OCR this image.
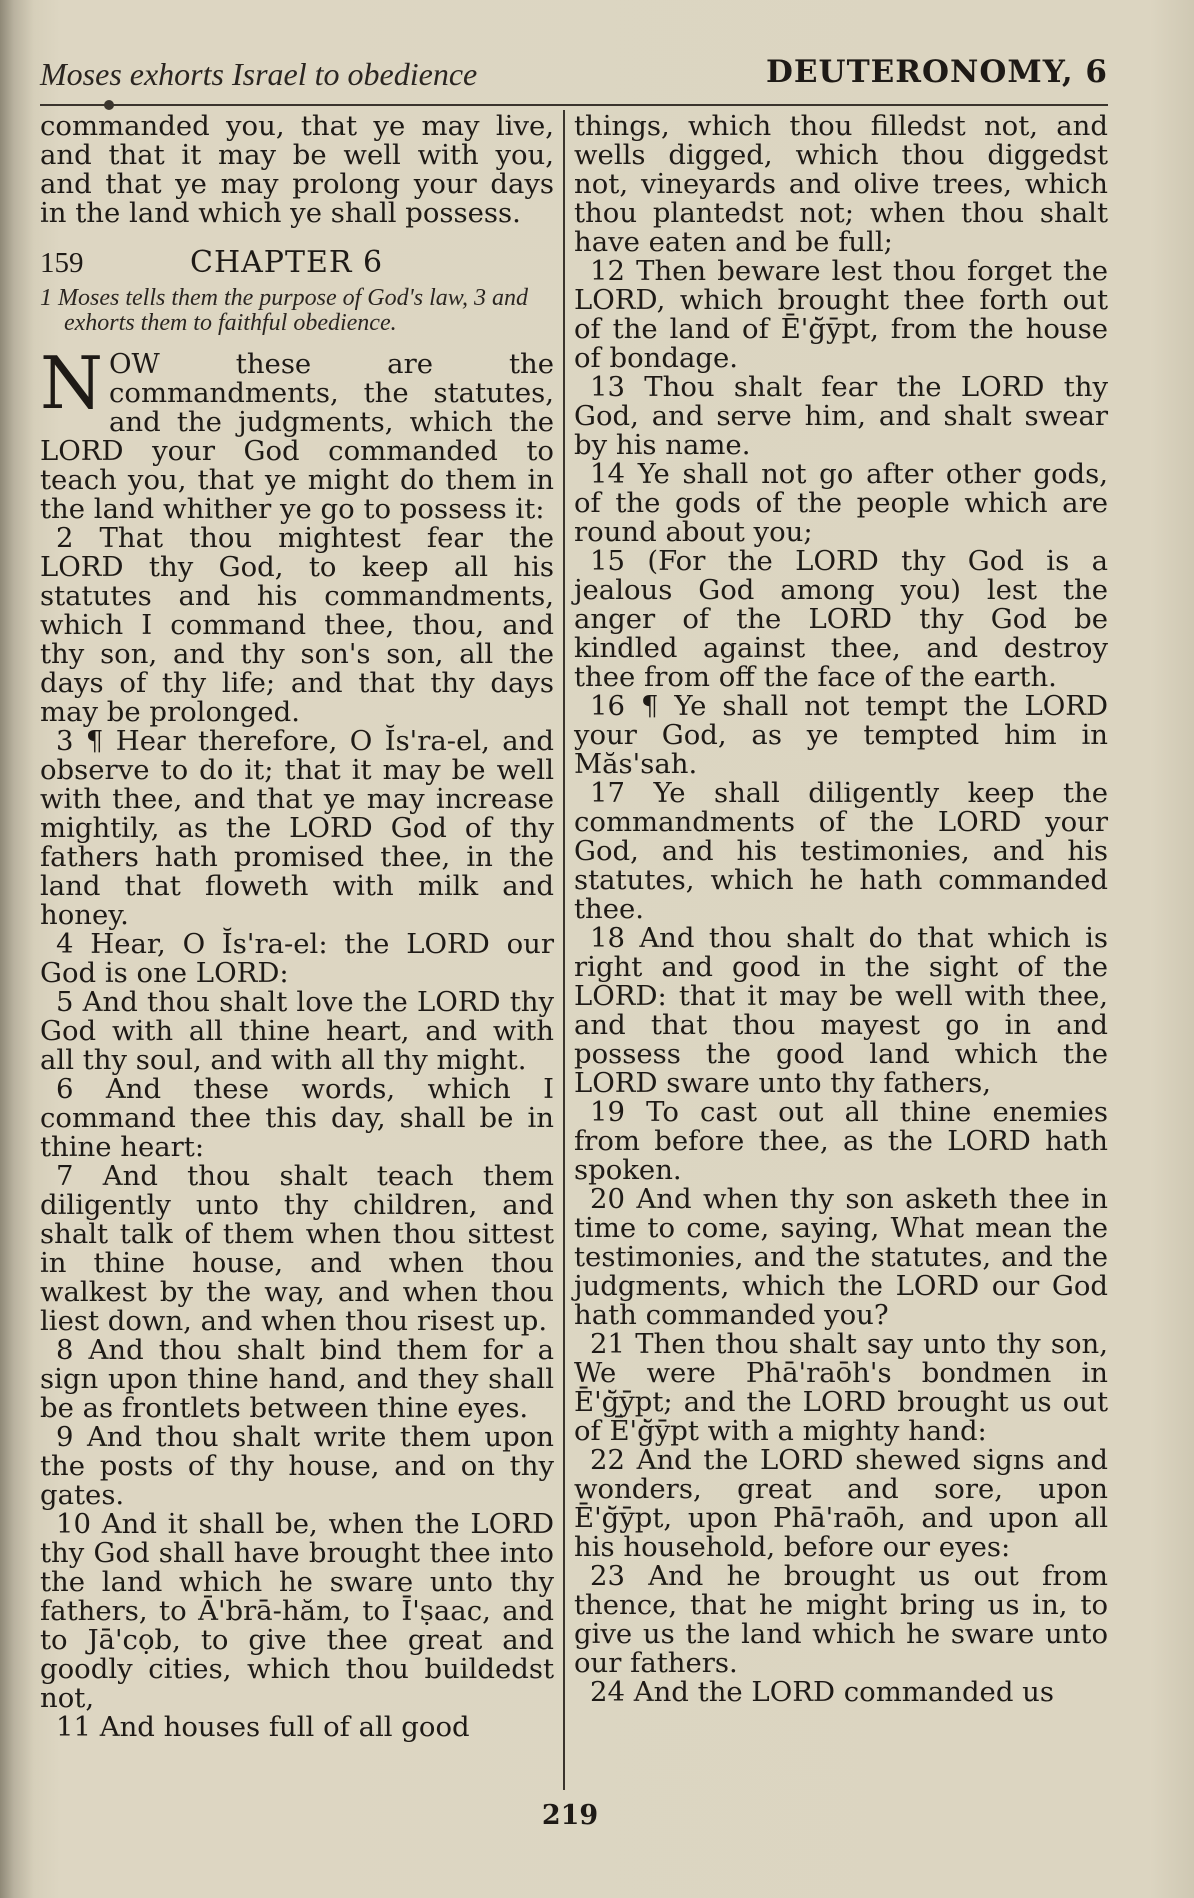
Moses exhorts Israel to obedience	DEUTERONOMY, 6

commanded you, that ye may live, and that it may be well with you, and that ye may prolong your days in the land which ye shall possess.

159	CHAPTER 6
1 Moses tells them the purpose of God's law, 3 and exhorts them to faithful obedience.

NOW these are the commandments, the statutes, and the judgments, which the LORD your God commanded to teach you, that ye might do them in the land whither ye go to possess it:

2 That thou mightest fear the LORD thy God, to keep all his statutes and his commandments, which I command thee, thou, and thy son, and thy son's son, all the days of thy life; and that thy days may be prolonged.

3 ¶ Hear therefore, O Ĭs'ra-el, and observe to do it; that it may be well with thee, and that ye may increase mightily, as the LORD God of thy fathers hath promised thee, in the land that floweth with milk and honey.

4 Hear, O Ĭs'ra-el: the LORD our God is one LORD:

5 And thou shalt love the LORD thy God with all thine heart, and with all thy soul, and with all thy might.

6 And these words, which I command thee this day, shall be in thine heart:

7 And thou shalt teach them diligently unto thy children, and shalt talk of them when thou sittest in thine house, and when thou walkest by the way, and when thou liest down, and when thou risest up.

8 And thou shalt bind them for a sign upon thine hand, and they shall be as frontlets between thine eyes.

9 And thou shalt write them upon the posts of thy house, and on thy gates.

10 And it shall be, when the LORD thy God shall have brought thee into the land which he sware unto thy fathers, to Ā'brā-hăm, to Ī'ṣaac, and to Jā'cọb, to give thee great and goodly cities, which thou buildedst not,

11 And houses full of all good

things, which thou filledst not, and wells digged, which thou diggedst not, vineyards and olive trees, which thou plantedst not; when thou shalt have eaten and be full;

12 Then beware lest thou forget the LORD, which brought thee forth out of the land of Ē'ġ̆ȳpt, from the house of bondage.

13 Thou shalt fear the LORD thy God, and serve him, and shalt swear by his name.

14 Ye shall not go after other gods, of the gods of the people which are round about you;

15 (For the LORD thy God is a jealous God among you) lest the anger of the LORD thy God be kindled against thee, and destroy thee from off the face of the earth.

16 ¶ Ye shall not tempt the LORD your God, as ye tempted him in Măs'sah.

17 Ye shall diligently keep the commandments of the LORD your God, and his testimonies, and his statutes, which he hath commanded thee.

18 And thou shalt do that which is right and good in the sight of the LORD: that it may be well with thee, and that thou mayest go in and possess the good land which the LORD sware unto thy fathers,

19 To cast out all thine enemies from before thee, as the LORD hath spoken.

20 And when thy son asketh thee in time to come, saying, What mean the testimonies, and the statutes, and the judgments, which the LORD our God hath commanded you?

21 Then thou shalt say unto thy son, We were Phā'raōh's bondmen in Ē'ġ̆ȳpt; and the LORD brought us out of Ē'ġ̆ȳpt with a mighty hand:

22 And the LORD shewed signs and wonders, great and sore, upon Ē'ġ̆ȳpt, upon Phā'raōh, and upon all his household, before our eyes:

23 And he brought us out from thence, that he might bring us in, to give us the land which he sware unto our fathers.

24 And the LORD commanded us

219
